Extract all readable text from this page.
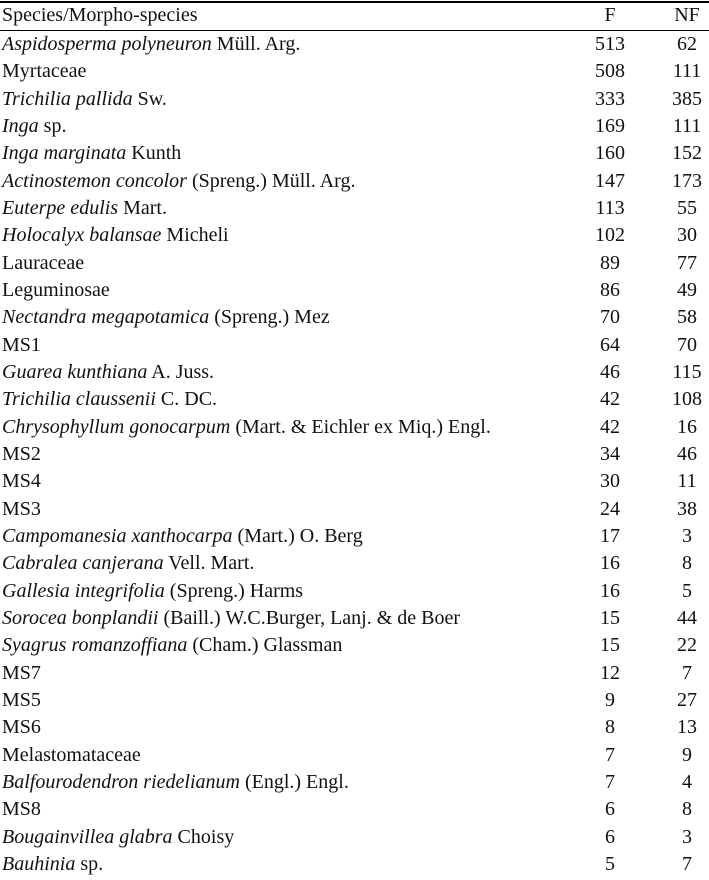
Species/Morpho-species	F	NF
Aspidosperma polyneuron Müll. Arg.	513	62
Myrtaceae	508	111
Trichilia pallida Sw.	333	385
Inga sp.	169	111
Inga marginata Kunth	160	152
Actinostemon concolor (Spreng.) Müll. Arg.	147	173
Euterpe edulis Mart.	113	55
Holocalyx balansae Micheli	102	30
Lauraceae	89	77
Leguminosae	86	49
Nectandra megapotamica (Spreng.) Mez	70	58
MS1	64	70
Guarea kunthiana A. Juss.	46	115
Trichilia claussenii C. DC.	42	108
Chrysophyllum gonocarpum (Mart. & Eichler ex Miq.) Engl.	42	16
MS2	34	46
MS4	30	11
MS3	24	38
Campomanesia xanthocarpa (Mart.) O. Berg	17	3
Cabralea canjerana Vell. Mart.	16	8
Gallesia integrifolia (Spreng.) Harms	16	5
Sorocea bonplandii (Baill.) W.C.Burger, Lanj. & de Boer	15	44
Syagrus romanzoffiana (Cham.) Glassman	15	22
MS7	12	7
MS5	9	27
MS6	8	13
Melastomataceae	7	9
Balfourodendron riedelianum (Engl.) Engl.	7	4
MS8	6	8
Bougainvillea glabra Choisy	6	3
Bauhinia sp.	5	7
